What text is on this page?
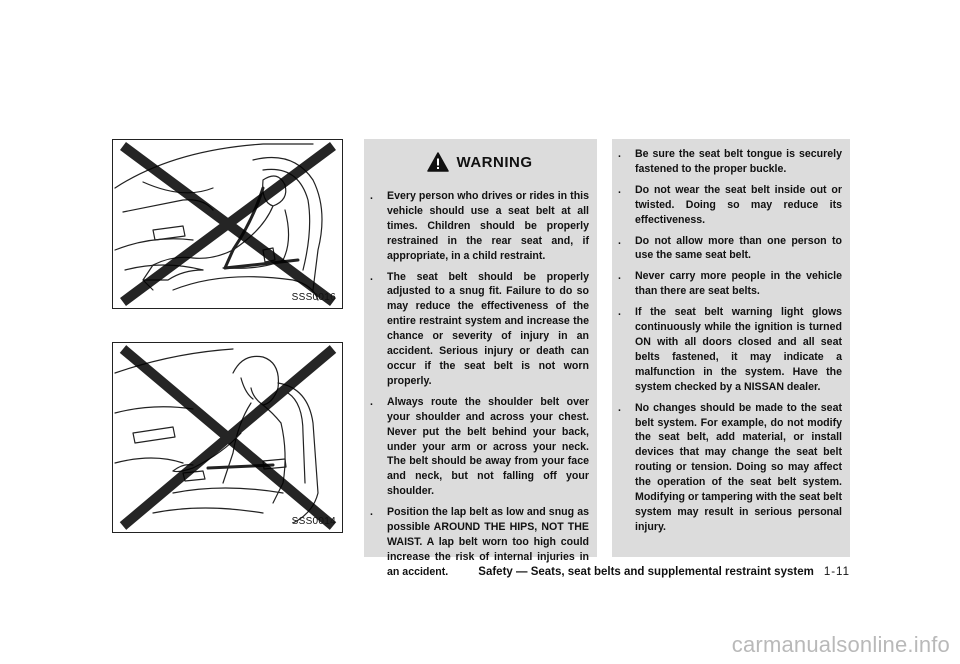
SSS0016
SSS0014
WARNING
. Every person who drives or rides in this vehicle should use a seat belt at all times. Children should be properly restrained in the rear seat and, if appropriate, in a child restraint.
. The seat belt should be properly adjusted to a snug fit. Failure to do so may reduce the effectiveness of the entire restraint system and increase the chance or severity of injury in an accident. Serious injury or death can occur if the seat belt is not worn properly.
. Always route the shoulder belt over your shoulder and across your chest. Never put the belt behind your back, under your arm or across your neck. The belt should be away from your face and neck, but not falling off your shoulder.
. Position the lap belt as low and snug as possible AROUND THE HIPS, NOT THE WAIST. A lap belt worn too high could increase the risk of internal injuries in an accident.
. Be sure the seat belt tongue is securely fastened to the proper buckle.
. Do not wear the seat belt inside out or twisted. Doing so may reduce its effectiveness.
. Do not allow more than one person to use the same seat belt.
. Never carry more people in the vehicle than there are seat belts.
. If the seat belt warning light glows continuously while the ignition is turned ON with all doors closed and all seat belts fastened, it may indicate a malfunction in the system. Have the system checked by a NISSAN dealer.
. No changes should be made to the seat belt system. For example, do not modify the seat belt, add material, or install devices that may change the seat belt routing or tension. Doing so may affect the operation of the seat belt system. Modifying or tampering with the seat belt system may result in serious personal injury.
Safety — Seats, seat belts and supplemental restraint system 1-11
carmanualsonline.info
